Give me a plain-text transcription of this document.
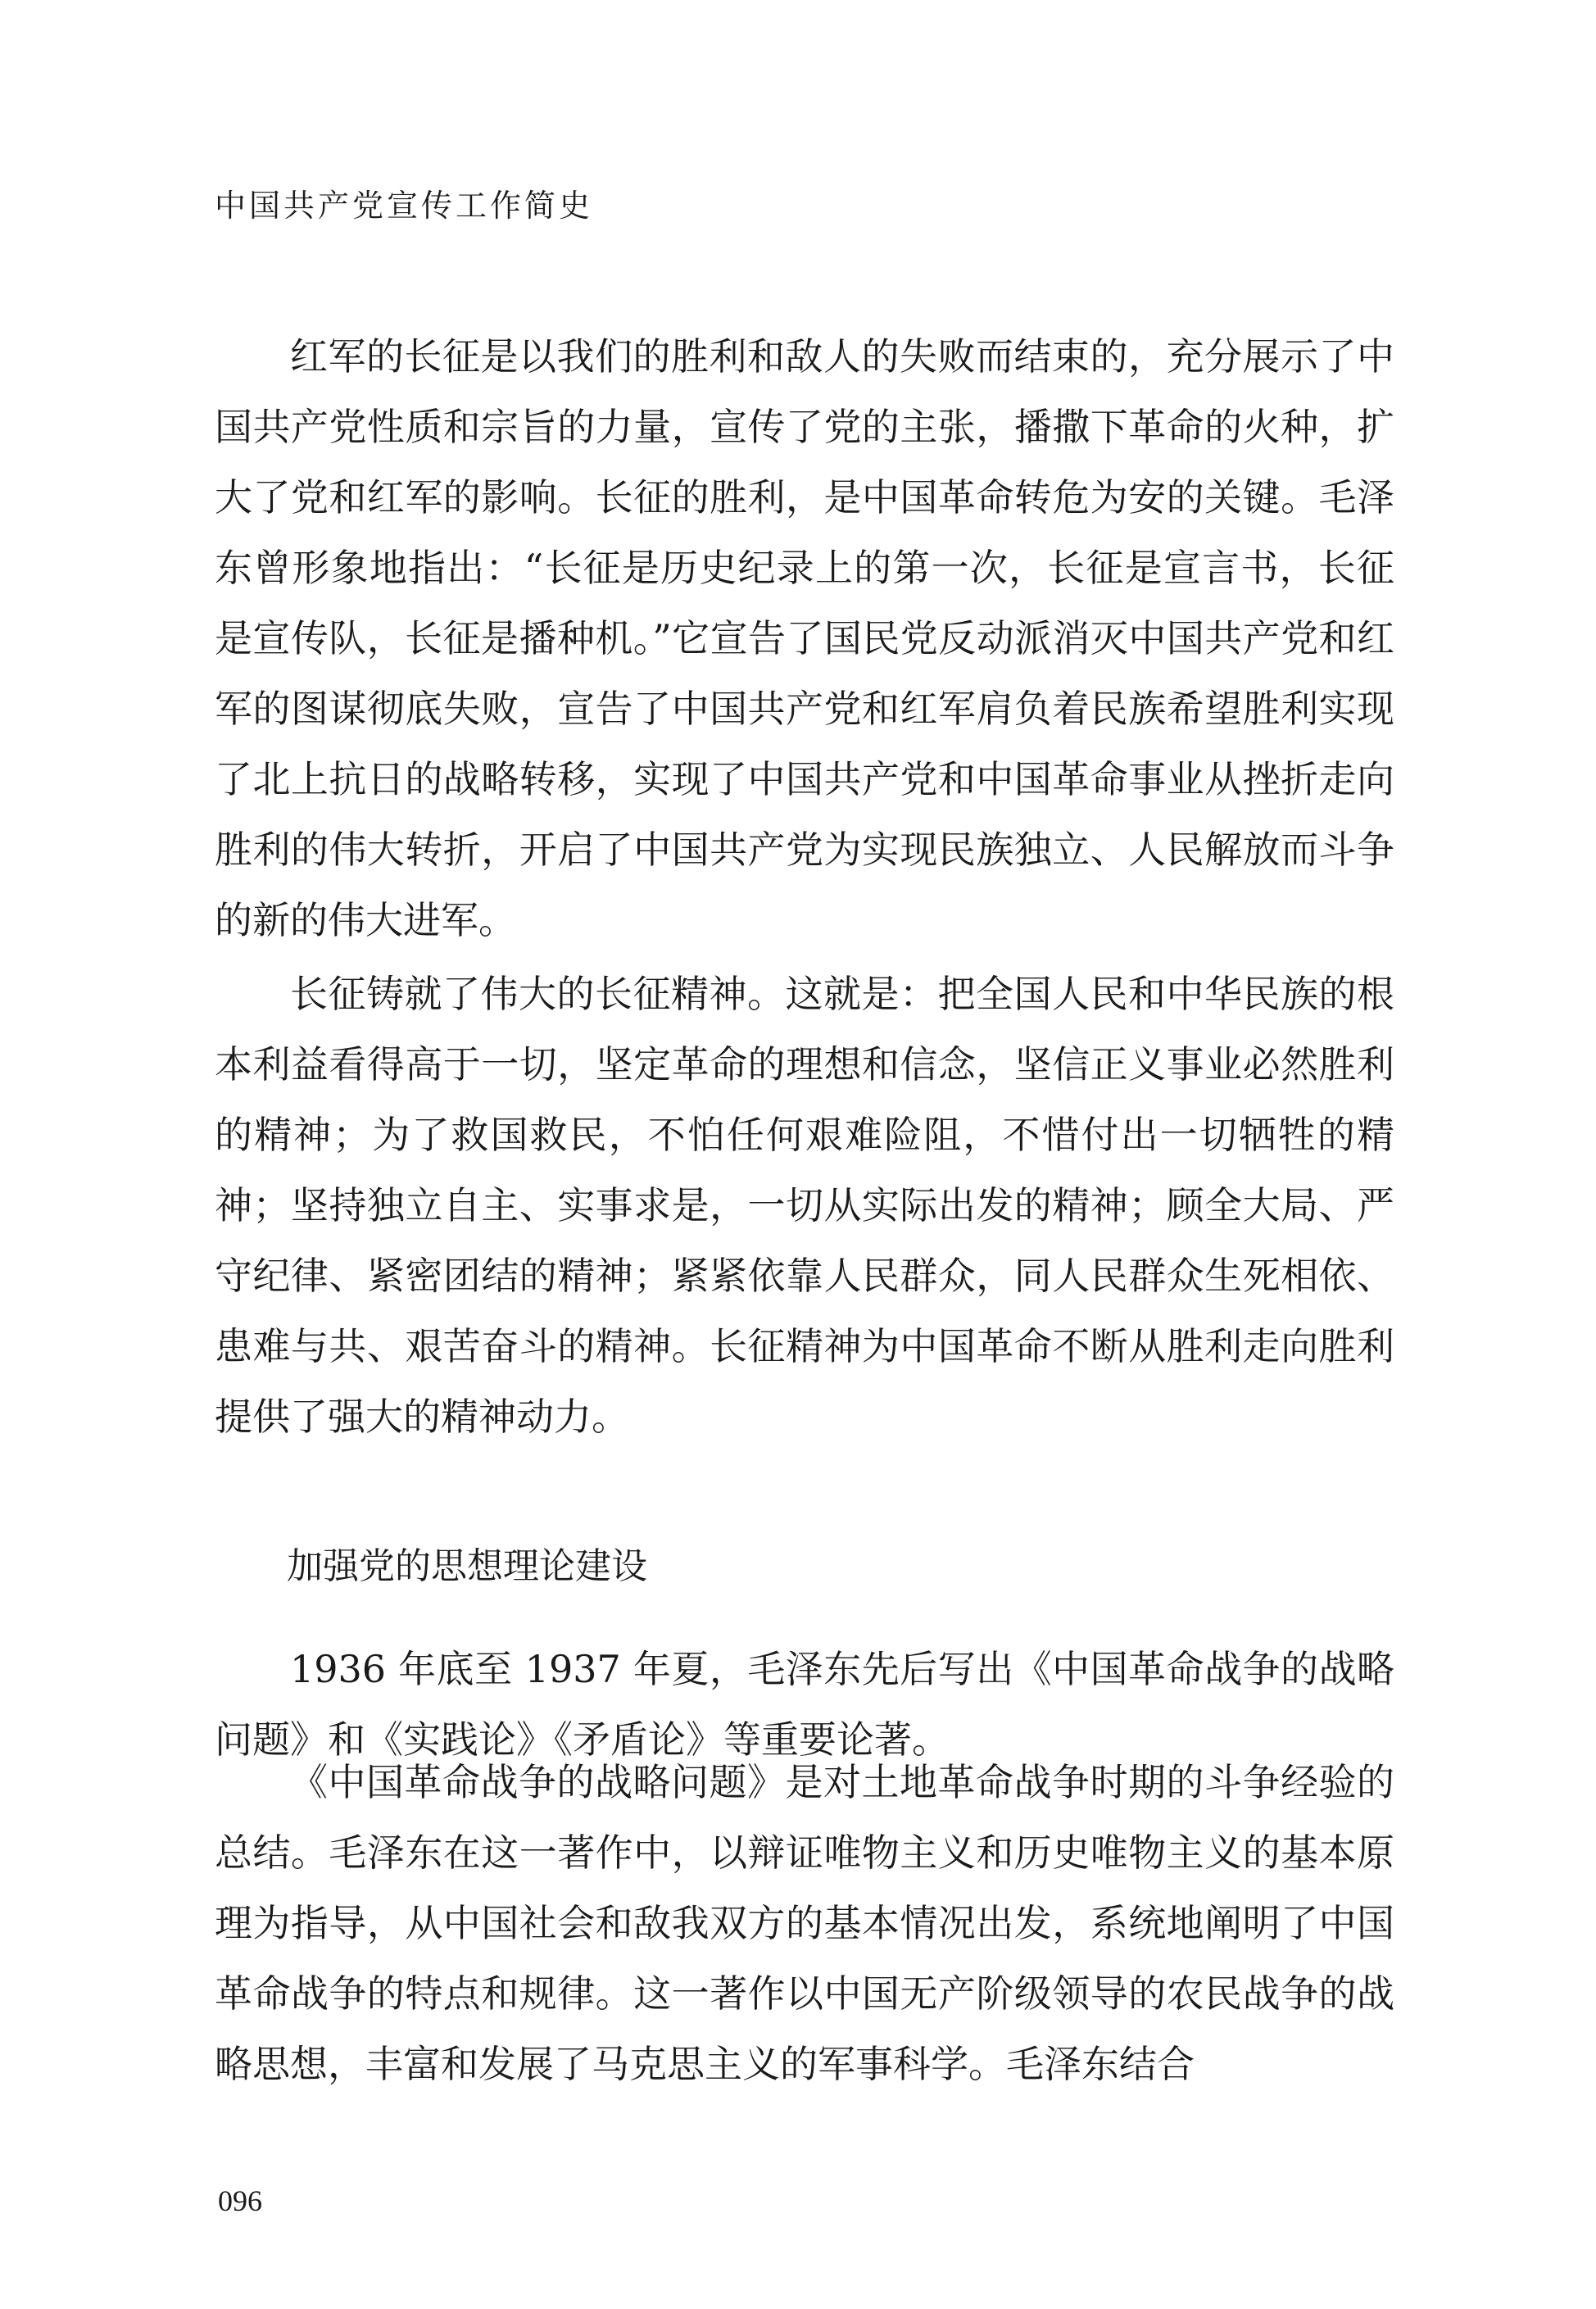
中国共产党宣传工作简史

红军的长征是以我们的胜利和敌人的失败而结束的，充分展示了中国共产党性质和宗旨的力量，宣传了党的主张，播撒下革命的火种，扩大了党和红军的影响。长征的胜利，是中国革命转危为安的关键。毛泽东曾形象地指出：“长征是历史纪录上的第一次，长征是宣言书，长征是宣传队，长征是播种机。”它宣告了国民党反动派消灭中国共产党和红军的图谋彻底失败，宣告了中国共产党和红军肩负着民族希望胜利实现了北上抗日的战略转移，实现了中国共产党和中国革命事业从挫折走向胜利的伟大转折，开启了中国共产党为实现民族独立、人民解放而斗争的新的伟大进军。

长征铸就了伟大的长征精神。这就是：把全国人民和中华民族的根本利益看得高于一切，坚定革命的理想和信念，坚信正义事业必然胜利的精神；为了救国救民，不怕任何艰难险阻，不惜付出一切牺牲的精神；坚持独立自主、实事求是，一切从实际出发的精神；顾全大局、严守纪律、紧密团结的精神；紧紧依靠人民群众，同人民群众生死相依、患难与共、艰苦奋斗的精神。长征精神为中国革命不断从胜利走向胜利提供了强大的精神动力。

加强党的思想理论建设

1936 年底至 1937 年夏，毛泽东先后写出《中国革命战争的战略问题》和《实践论》《矛盾论》等重要论著。

《中国革命战争的战略问题》是对土地革命战争时期的斗争经验的总结。毛泽东在这一著作中，以辩证唯物主义和历史唯物主义的基本原理为指导，从中国社会和敌我双方的基本情况出发，系统地阐明了中国革命战争的特点和规律。这一著作以中国无产阶级领导的农民战争的战略思想，丰富和发展了马克思主义的军事科学。毛泽东结合

096
